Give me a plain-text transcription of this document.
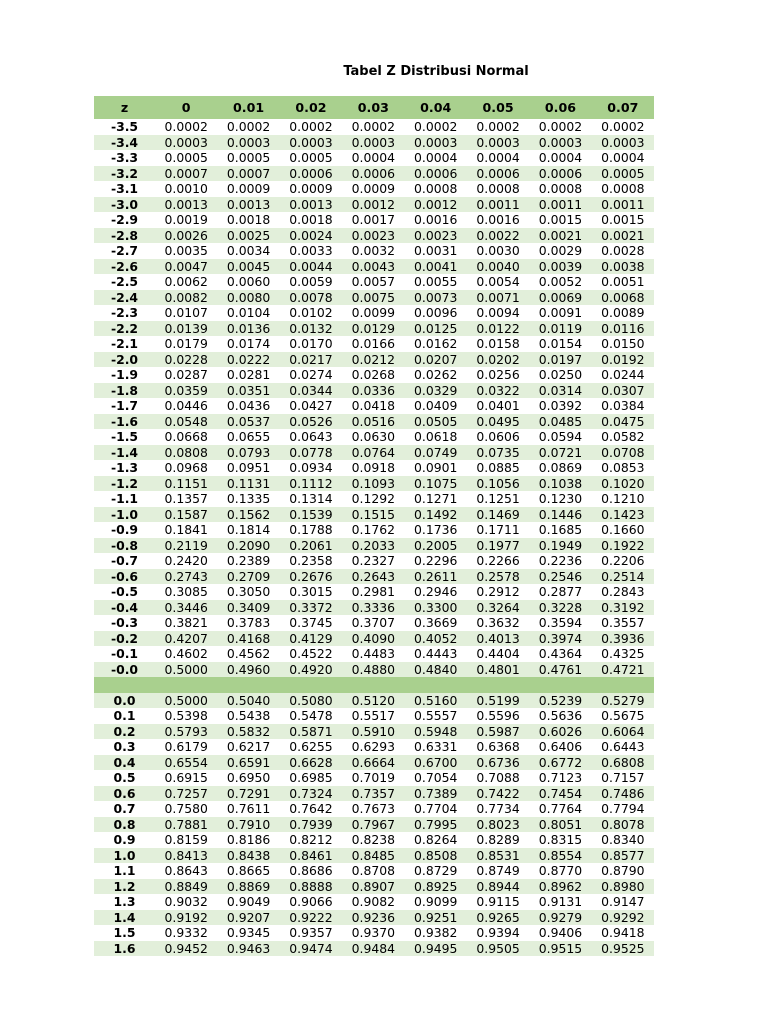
Tabel Z Distribusi Normal
z	0	0.01	0.02	0.03	0.04	0.05	0.06	0.07
-3.5	0.0002	0.0002	0.0002	0.0002	0.0002	0.0002	0.0002	0.0002
-3.4	0.0003	0.0003	0.0003	0.0003	0.0003	0.0003	0.0003	0.0003
-3.3	0.0005	0.0005	0.0005	0.0004	0.0004	0.0004	0.0004	0.0004
-3.2	0.0007	0.0007	0.0006	0.0006	0.0006	0.0006	0.0006	0.0005
-3.1	0.0010	0.0009	0.0009	0.0009	0.0008	0.0008	0.0008	0.0008
-3.0	0.0013	0.0013	0.0013	0.0012	0.0012	0.0011	0.0011	0.0011
-2.9	0.0019	0.0018	0.0018	0.0017	0.0016	0.0016	0.0015	0.0015
-2.8	0.0026	0.0025	0.0024	0.0023	0.0023	0.0022	0.0021	0.0021
-2.7	0.0035	0.0034	0.0033	0.0032	0.0031	0.0030	0.0029	0.0028
-2.6	0.0047	0.0045	0.0044	0.0043	0.0041	0.0040	0.0039	0.0038
-2.5	0.0062	0.0060	0.0059	0.0057	0.0055	0.0054	0.0052	0.0051
-2.4	0.0082	0.0080	0.0078	0.0075	0.0073	0.0071	0.0069	0.0068
-2.3	0.0107	0.0104	0.0102	0.0099	0.0096	0.0094	0.0091	0.0089
-2.2	0.0139	0.0136	0.0132	0.0129	0.0125	0.0122	0.0119	0.0116
-2.1	0.0179	0.0174	0.0170	0.0166	0.0162	0.0158	0.0154	0.0150
-2.0	0.0228	0.0222	0.0217	0.0212	0.0207	0.0202	0.0197	0.0192
-1.9	0.0287	0.0281	0.0274	0.0268	0.0262	0.0256	0.0250	0.0244
-1.8	0.0359	0.0351	0.0344	0.0336	0.0329	0.0322	0.0314	0.0307
-1.7	0.0446	0.0436	0.0427	0.0418	0.0409	0.0401	0.0392	0.0384
-1.6	0.0548	0.0537	0.0526	0.0516	0.0505	0.0495	0.0485	0.0475
-1.5	0.0668	0.0655	0.0643	0.0630	0.0618	0.0606	0.0594	0.0582
-1.4	0.0808	0.0793	0.0778	0.0764	0.0749	0.0735	0.0721	0.0708
-1.3	0.0968	0.0951	0.0934	0.0918	0.0901	0.0885	0.0869	0.0853
-1.2	0.1151	0.1131	0.1112	0.1093	0.1075	0.1056	0.1038	0.1020
-1.1	0.1357	0.1335	0.1314	0.1292	0.1271	0.1251	0.1230	0.1210
-1.0	0.1587	0.1562	0.1539	0.1515	0.1492	0.1469	0.1446	0.1423
-0.9	0.1841	0.1814	0.1788	0.1762	0.1736	0.1711	0.1685	0.1660
-0.8	0.2119	0.2090	0.2061	0.2033	0.2005	0.1977	0.1949	0.1922
-0.7	0.2420	0.2389	0.2358	0.2327	0.2296	0.2266	0.2236	0.2206
-0.6	0.2743	0.2709	0.2676	0.2643	0.2611	0.2578	0.2546	0.2514
-0.5	0.3085	0.3050	0.3015	0.2981	0.2946	0.2912	0.2877	0.2843
-0.4	0.3446	0.3409	0.3372	0.3336	0.3300	0.3264	0.3228	0.3192
-0.3	0.3821	0.3783	0.3745	0.3707	0.3669	0.3632	0.3594	0.3557
-0.2	0.4207	0.4168	0.4129	0.4090	0.4052	0.4013	0.3974	0.3936
-0.1	0.4602	0.4562	0.4522	0.4483	0.4443	0.4404	0.4364	0.4325
-0.0	0.5000	0.4960	0.4920	0.4880	0.4840	0.4801	0.4761	0.4721

0.0	0.5000	0.5040	0.5080	0.5120	0.5160	0.5199	0.5239	0.5279
0.1	0.5398	0.5438	0.5478	0.5517	0.5557	0.5596	0.5636	0.5675
0.2	0.5793	0.5832	0.5871	0.5910	0.5948	0.5987	0.6026	0.6064
0.3	0.6179	0.6217	0.6255	0.6293	0.6331	0.6368	0.6406	0.6443
0.4	0.6554	0.6591	0.6628	0.6664	0.6700	0.6736	0.6772	0.6808
0.5	0.6915	0.6950	0.6985	0.7019	0.7054	0.7088	0.7123	0.7157
0.6	0.7257	0.7291	0.7324	0.7357	0.7389	0.7422	0.7454	0.7486
0.7	0.7580	0.7611	0.7642	0.7673	0.7704	0.7734	0.7764	0.7794
0.8	0.7881	0.7910	0.7939	0.7967	0.7995	0.8023	0.8051	0.8078
0.9	0.8159	0.8186	0.8212	0.8238	0.8264	0.8289	0.8315	0.8340
1.0	0.8413	0.8438	0.8461	0.8485	0.8508	0.8531	0.8554	0.8577
1.1	0.8643	0.8665	0.8686	0.8708	0.8729	0.8749	0.8770	0.8790
1.2	0.8849	0.8869	0.8888	0.8907	0.8925	0.8944	0.8962	0.8980
1.3	0.9032	0.9049	0.9066	0.9082	0.9099	0.9115	0.9131	0.9147
1.4	0.9192	0.9207	0.9222	0.9236	0.9251	0.9265	0.9279	0.9292
1.5	0.9332	0.9345	0.9357	0.9370	0.9382	0.9394	0.9406	0.9418
1.6	0.9452	0.9463	0.9474	0.9484	0.9495	0.9505	0.9515	0.9525
